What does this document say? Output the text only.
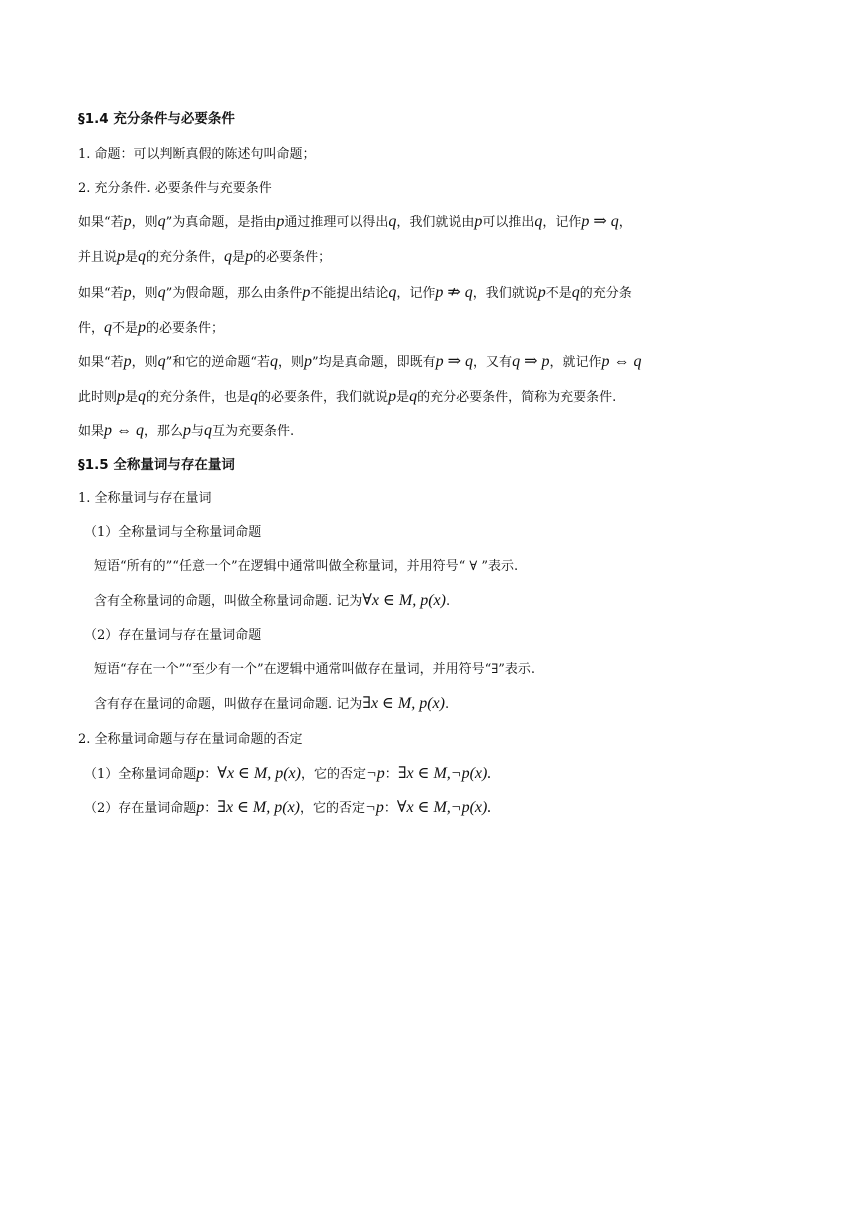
§1.4 充分条件与必要条件
1. 命题：可以判断真假的陈述句叫命题；
2. 充分条件. 必要条件与充要条件
如果“若p，则q”为真命题，是指由p通过推理可以得出q，我们就说由p可以推出q，记作p ⇒ q，
并且说p是q的充分条件，q是p的必要条件；
如果“若p，则q”为假命题，那么由条件p不能提出结论q，记作p ⇏ q，我们就说p不是q的充分条
件，q不是p的必要条件；
如果“若p，则q”和它的逆命题“若q，则p”均是真命题，即既有p ⇒ q，又有q ⇒ p，就记作p ⇔ q
此时则p是q的充分条件，也是q的必要条件，我们就说p是q的充分必要条件，简称为充要条件.
如果p ⇔ q，那么p与q互为充要条件.
§1.5 全称量词与存在量词
1. 全称量词与存在量词
（1）全称量词与全称量词命题
短语“所有的”“任意一个”在逻辑中通常叫做全称量词，并用符号“ ∀ ”表示.
含有全称量词的命题，叫做全称量词命题. 记为∀x ∈ M, p(x).
（2）存在量词与存在量词命题
短语“存在一个”“至少有一个”在逻辑中通常叫做存在量词，并用符号“∃”表示.
含有存在量词的命题，叫做存在量词命题. 记为∃x ∈ M, p(x).
2. 全称量词命题与存在量词命题的否定
（1）全称量词命题p：∀x ∈ M, p(x)，它的否定¬p：∃x ∈ M,¬p(x).
（2）存在量词命题p：∃x ∈ M, p(x)，它的否定¬p：∀x ∈ M,¬p(x).
